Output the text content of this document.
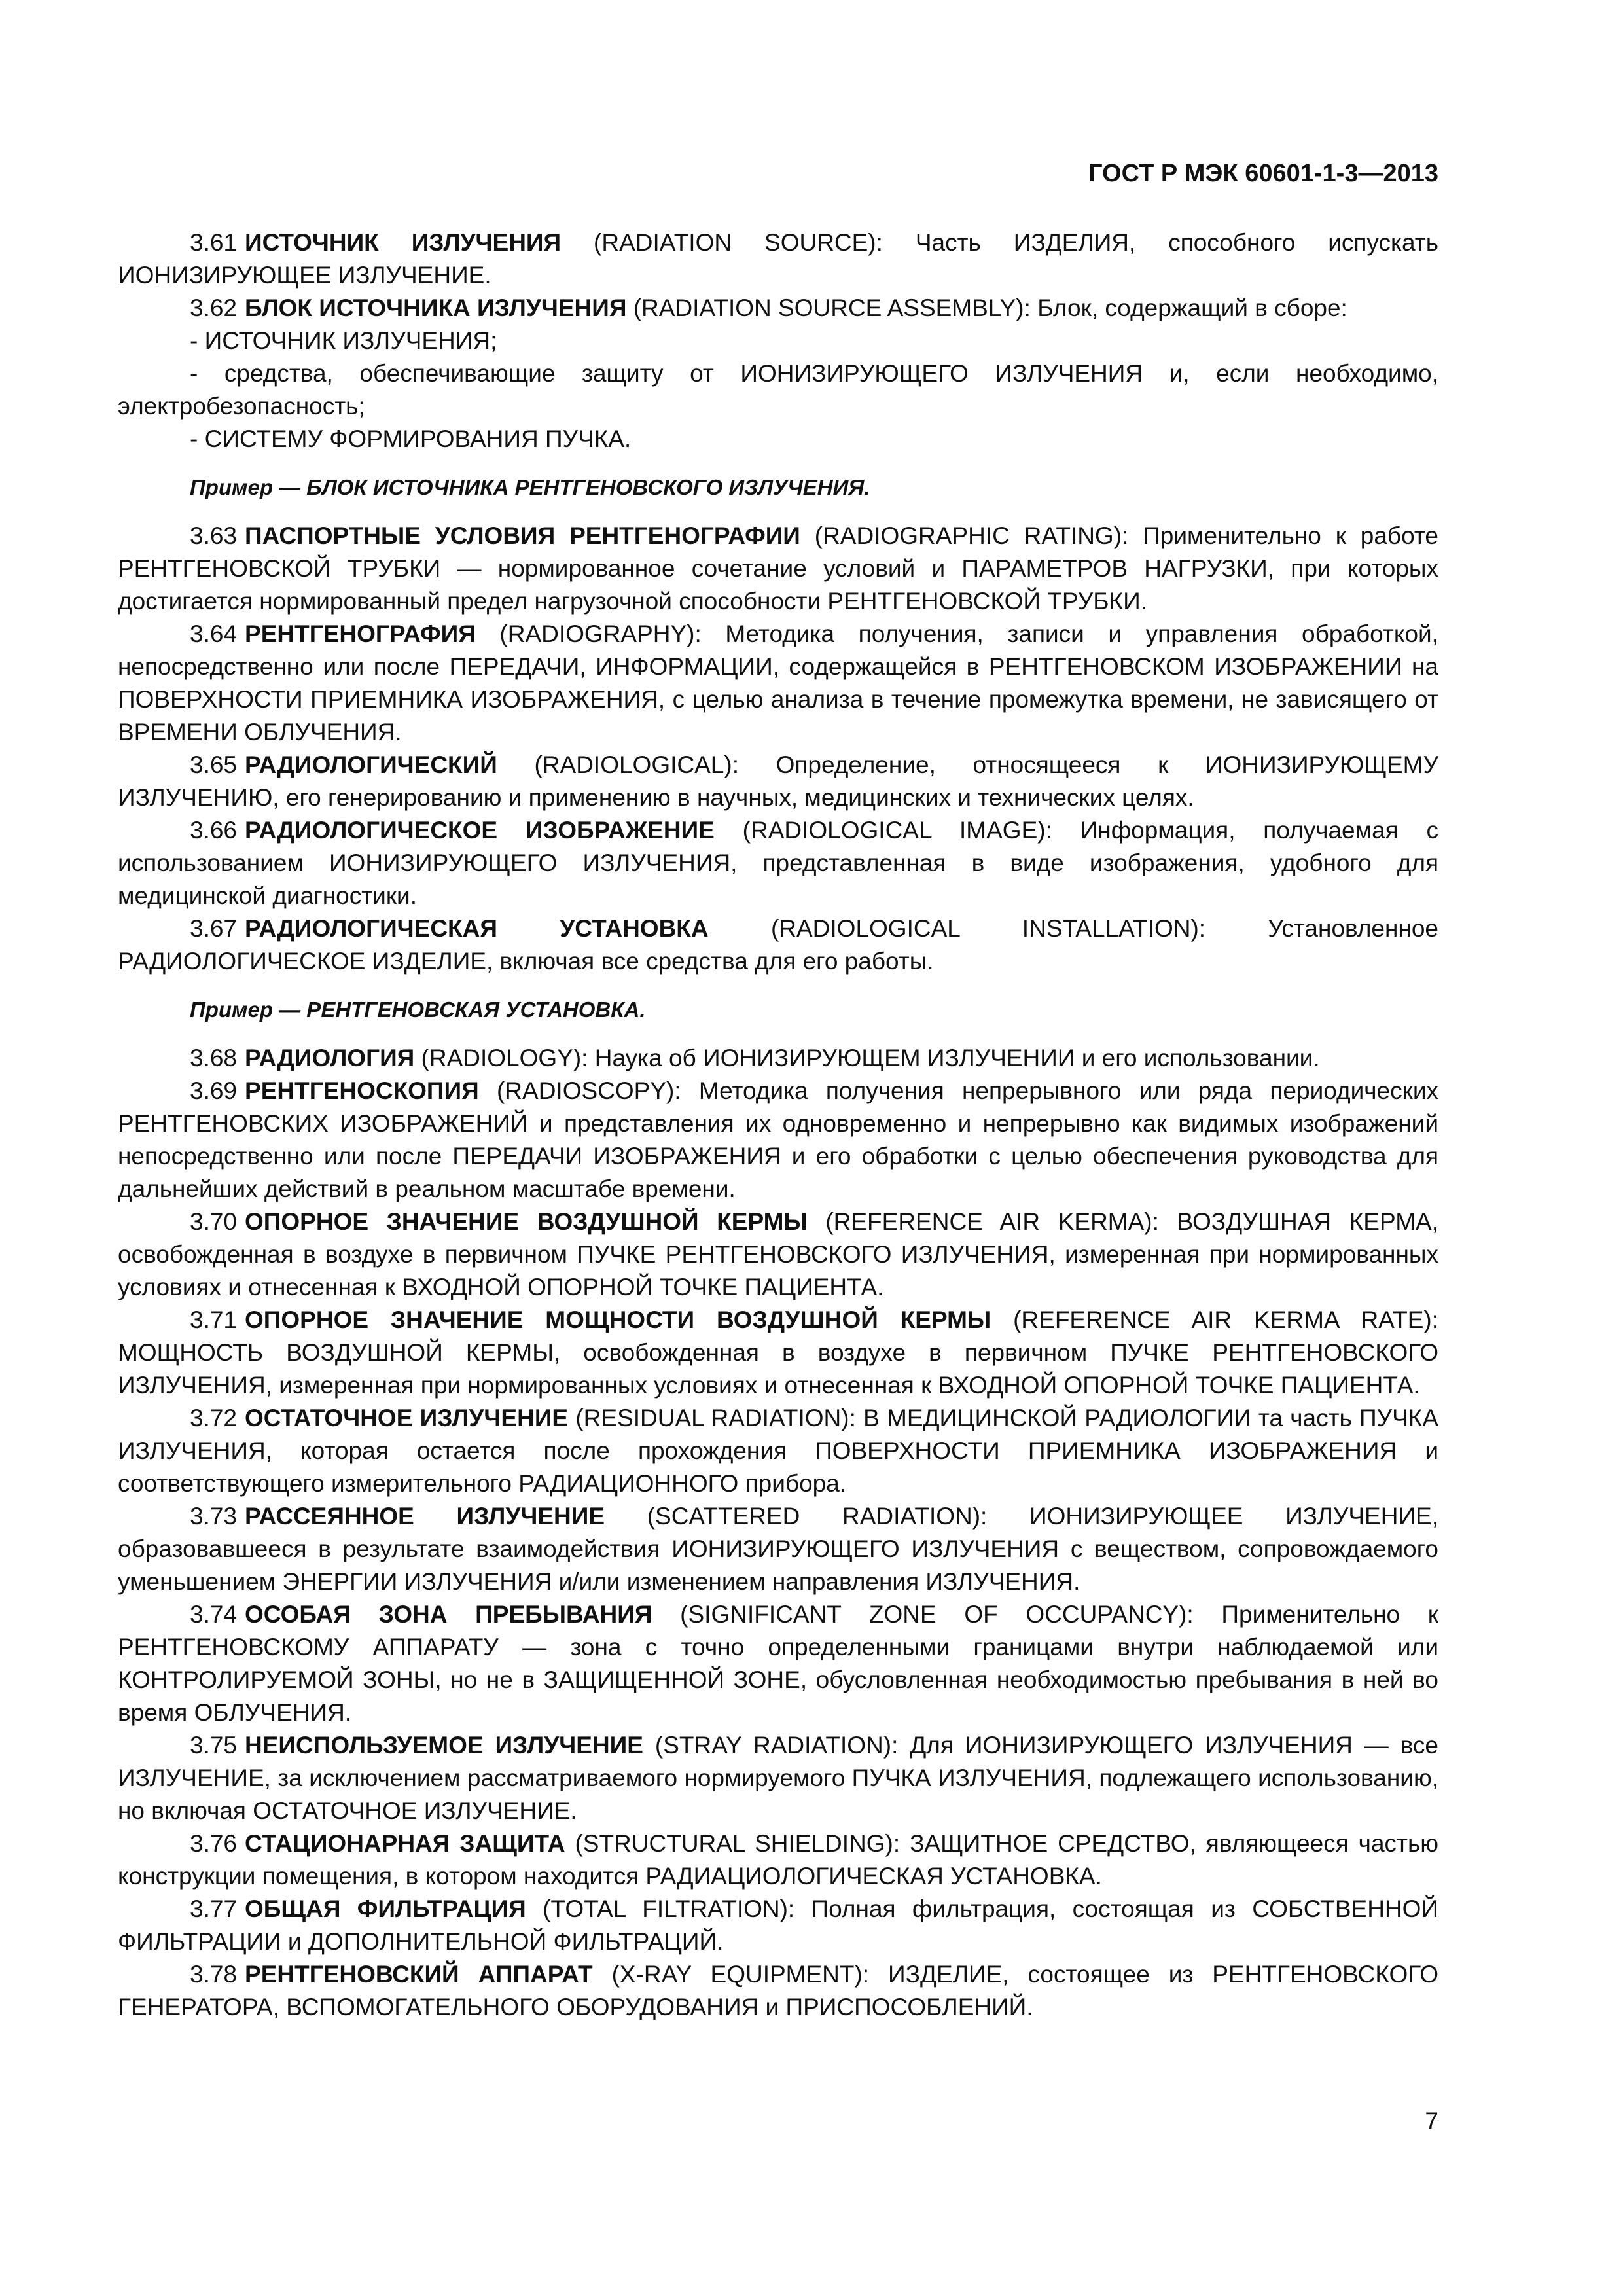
ГОСТ Р МЭК 60601-1-3—2013

3.61 ИСТОЧНИК ИЗЛУЧЕНИЯ (RADIATION SOURCE): Часть ИЗДЕЛИЯ, способного испускать ИОНИЗИРУЮЩЕЕ ИЗЛУЧЕНИЕ.

3.62 БЛОК ИСТОЧНИКА ИЗЛУЧЕНИЯ (RADIATION SOURCE ASSEMBLY): Блок, содержащий в сборе:

- ИСТОЧНИК ИЗЛУЧЕНИЯ;

- средства, обеспечивающие защиту от ИОНИЗИРУЮЩЕГО ИЗЛУЧЕНИЯ и, если необходимо, электробезопасность;

- СИСТЕМУ ФОРМИРОВАНИЯ ПУЧКА.

Пример — БЛОК ИСТОЧНИКА РЕНТГЕНОВСКОГО ИЗЛУЧЕНИЯ.

3.63 ПАСПОРТНЫЕ УСЛОВИЯ РЕНТГЕНОГРАФИИ (RADIOGRAPHIC RATING): Применительно к работе РЕНТГЕНОВСКОЙ ТРУБКИ — нормированное сочетание условий и ПАРАМЕТРОВ НАГРУЗКИ, при которых достигается нормированный предел нагрузочной способности РЕНТГЕНОВСКОЙ ТРУБКИ.

3.64 РЕНТГЕНОГРАФИЯ (RADIOGRAPHY): Методика получения, записи и управления обработкой, непосредственно или после ПЕРЕДАЧИ, ИНФОРМАЦИИ, содержащейся в РЕНТГЕНОВСКОМ ИЗОБРАЖЕНИИ на ПОВЕРХНОСТИ ПРИЕМНИКА ИЗОБРАЖЕНИЯ, с целью анализа в течение промежутка времени, не зависящего от ВРЕМЕНИ ОБЛУЧЕНИЯ.

3.65 РАДИОЛОГИЧЕСКИЙ (RADIOLOGICAL): Определение, относящееся к ИОНИЗИРУЮЩЕМУ ИЗЛУЧЕНИЮ, его генерированию и применению в научных, медицинских и технических целях.

3.66 РАДИОЛОГИЧЕСКОЕ ИЗОБРАЖЕНИЕ (RADIOLOGICAL IMAGE): Информация, получаемая с использованием ИОНИЗИРУЮЩЕГО ИЗЛУЧЕНИЯ, представленная в виде изображения, удобного для медицинской диагностики.

3.67 РАДИОЛОГИЧЕСКАЯ УСТАНОВКА	(RADIOLOGICAL INSTALLATION): Установленное РАДИОЛОГИЧЕСКОЕ ИЗДЕЛИЕ, включая все средства для его работы.

Пример — РЕНТГЕНОВСКАЯ УСТАНОВКА.

3.68 РАДИОЛОГИЯ (RADIOLOGY): Наука об ИОНИЗИРУЮЩЕМ ИЗЛУЧЕНИИ и его использовании.

3.69 РЕНТГЕНОСКОПИЯ (RADIOSCOPY): Методика получения непрерывного или ряда периодических РЕНТГЕНОВСКИХ ИЗОБРАЖЕНИЙ и представления их одновременно и непрерывно как видимых изображений непосредственно или после ПЕРЕДАЧИ ИЗОБРАЖЕНИЯ и его обработки с целью обеспечения руководства для дальнейших действий в реальном масштабе времени.

3.70 ОПОРНОЕ ЗНАЧЕНИЕ ВОЗДУШНОЙ КЕРМЫ (REFERENCE AIR KERMA): ВОЗДУШНАЯ КЕРМА, освобожденная в воздухе в первичном ПУЧКЕ РЕНТГЕНОВСКОГО ИЗЛУЧЕНИЯ, измеренная при нормированных условиях и отнесенная к ВХОДНОЙ ОПОРНОЙ ТОЧКЕ ПАЦИЕНТА.

3.71 ОПОРНОЕ ЗНАЧЕНИЕ МОЩНОСТИ ВОЗДУШНОЙ КЕРМЫ (REFERENCE AIR KERMA RATE): МОЩНОСТЬ ВОЗДУШНОЙ КЕРМЫ, освобожденная в воздухе в первичном ПУЧКЕ РЕНТГЕНОВСКОГО ИЗЛУЧЕНИЯ, измеренная при нормированных условиях и отнесенная к ВХОДНОЙ ОПОРНОЙ ТОЧКЕ ПАЦИЕНТА.

3.72 ОСТАТОЧНОЕ ИЗЛУЧЕНИЕ (RESIDUAL RADIATION): В МЕДИЦИНСКОЙ РАДИОЛОГИИ та часть ПУЧКА ИЗЛУЧЕНИЯ, которая остается после прохождения ПОВЕРХНОСТИ ПРИЕМНИКА ИЗОБРАЖЕНИЯ и соответствующего измерительного РАДИАЦИОННОГО прибора.

3.73 РАССЕЯННОЕ ИЗЛУЧЕНИЕ (SCATTERED RADIATION): ИОНИЗИРУЮЩЕЕ ИЗЛУЧЕНИЕ, образовавшееся в результате взаимодействия ИОНИЗИРУЮЩЕГО ИЗЛУЧЕНИЯ с веществом, сопровождаемого уменьшением ЭНЕРГИИ ИЗЛУЧЕНИЯ и/или изменением направления ИЗЛУЧЕНИЯ.

3.74 ОСОБАЯ ЗОНА ПРЕБЫВАНИЯ (SIGNIFICANT ZONE OF OCCUPANCY): Применительно к РЕНТГЕНОВСКОМУ АППАРАТУ — зона с точно определенными границами внутри наблюдаемой или КОНТРОЛИРУЕМОЙ ЗОНЫ, но не в ЗАЩИЩЕННОЙ ЗОНЕ, обусловленная необходимостью пребывания в ней во время ОБЛУЧЕНИЯ.

3.75 НЕИСПОЛЬЗУЕМОЕ ИЗЛУЧЕНИЕ (STRAY RADIATION): Для ИОНИЗИРУЮЩЕГО ИЗЛУЧЕНИЯ — все ИЗЛУЧЕНИЕ, за исключением рассматриваемого нормируемого ПУЧКА ИЗЛУЧЕНИЯ, подлежащего использованию, но включая ОСТАТОЧНОЕ ИЗЛУЧЕНИЕ.

3.76 СТАЦИОНАРНАЯ ЗАЩИТА (STRUCTURAL SHIELDING): ЗАЩИТНОЕ СРЕДСТВО, являющееся частью конструкции помещения, в котором находится РАДИАЦИОЛОГИЧЕСКАЯ УСТАНОВКА.

3.77 ОБЩАЯ ФИЛЬТРАЦИЯ (TOTAL FILTRATION): Полная фильтрация, состоящая из СОБСТВЕННОЙ ФИЛЬТРАЦИИ и ДОПОЛНИТЕЛЬНОЙ ФИЛЬТРАЦИЙ.

3.78 РЕНТГЕНОВСКИЙ АППАРАТ (X-RAY EQUIPMENT): ИЗДЕЛИЕ, состоящее из РЕНТГЕНОВСКОГО ГЕНЕРАТОРА, ВСПОМОГАТЕЛЬНОГО ОБОРУДОВАНИЯ и ПРИСПОСОБЛЕНИЙ.

7
